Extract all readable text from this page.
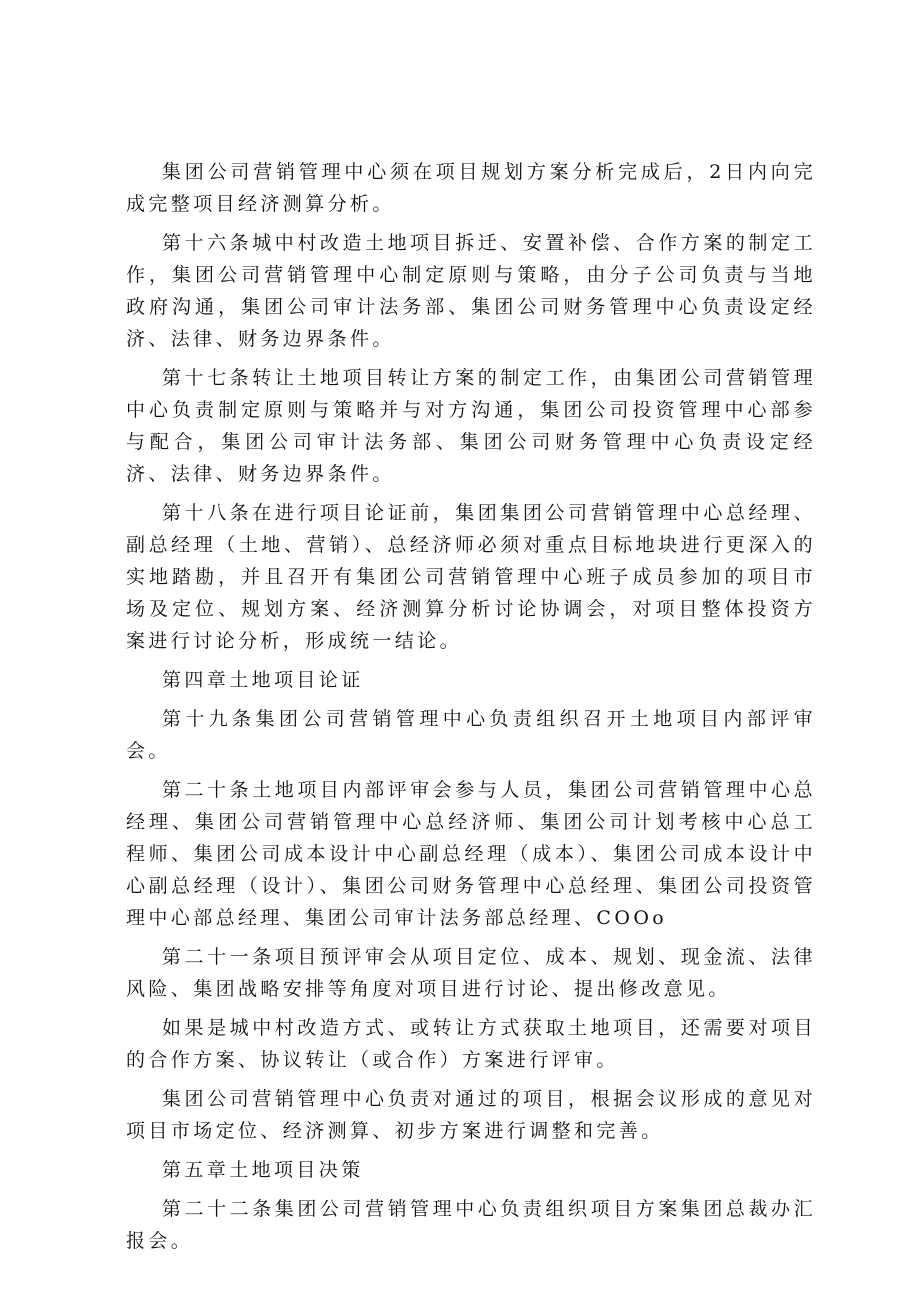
集团公司营销管理中心须在项目规划方案分析完成后，2日内向完成完整项目经济测算分析。

第十六条城中村改造土地项目拆迁、安置补偿、合作方案的制定工作，集团公司营销管理中心制定原则与策略，由分子公司负责与当地政府沟通，集团公司审计法务部、集团公司财务管理中心负责设定经济、法律、财务边界条件。

第十七条转让土地项目转让方案的制定工作，由集团公司营销管理中心负责制定原则与策略并与对方沟通，集团公司投资管理中心部参与配合，集团公司审计法务部、集团公司财务管理中心负责设定经济、法律、财务边界条件。

第十八条在进行项目论证前，集团集团公司营销管理中心总经理、副总经理（土地、营销）、总经济师必须对重点目标地块进行更深入的实地踏勘，并且召开有集团公司营销管理中心班子成员参加的项目市场及定位、规划方案、经济测算分析讨论协调会，对项目整体投资方案进行讨论分析，形成统一结论。

第四章土地项目论证

第十九条集团公司营销管理中心负责组织召开土地项目内部评审会。

第二十条土地项目内部评审会参与人员，集团公司营销管理中心总经理、集团公司营销管理中心总经济师、集团公司计划考核中心总工程师、集团公司成本设计中心副总经理（成本）、集团公司成本设计中心副总经理（设计）、集团公司财务管理中心总经理、集团公司投资管理中心部总经理、集团公司审计法务部总经理、COOo

第二十一条项目预评审会从项目定位、成本、规划、现金流、法律风险、集团战略安排等角度对项目进行讨论、提出修改意见。

如果是城中村改造方式、或转让方式获取土地项目，还需要对项目的合作方案、协议转让（或合作）方案进行评审。

集团公司营销管理中心负责对通过的项目，根据会议形成的意见对项目市场定位、经济测算、初步方案进行调整和完善。

第五章土地项目决策

第二十二条集团公司营销管理中心负责组织项目方案集团总裁办汇报会。
